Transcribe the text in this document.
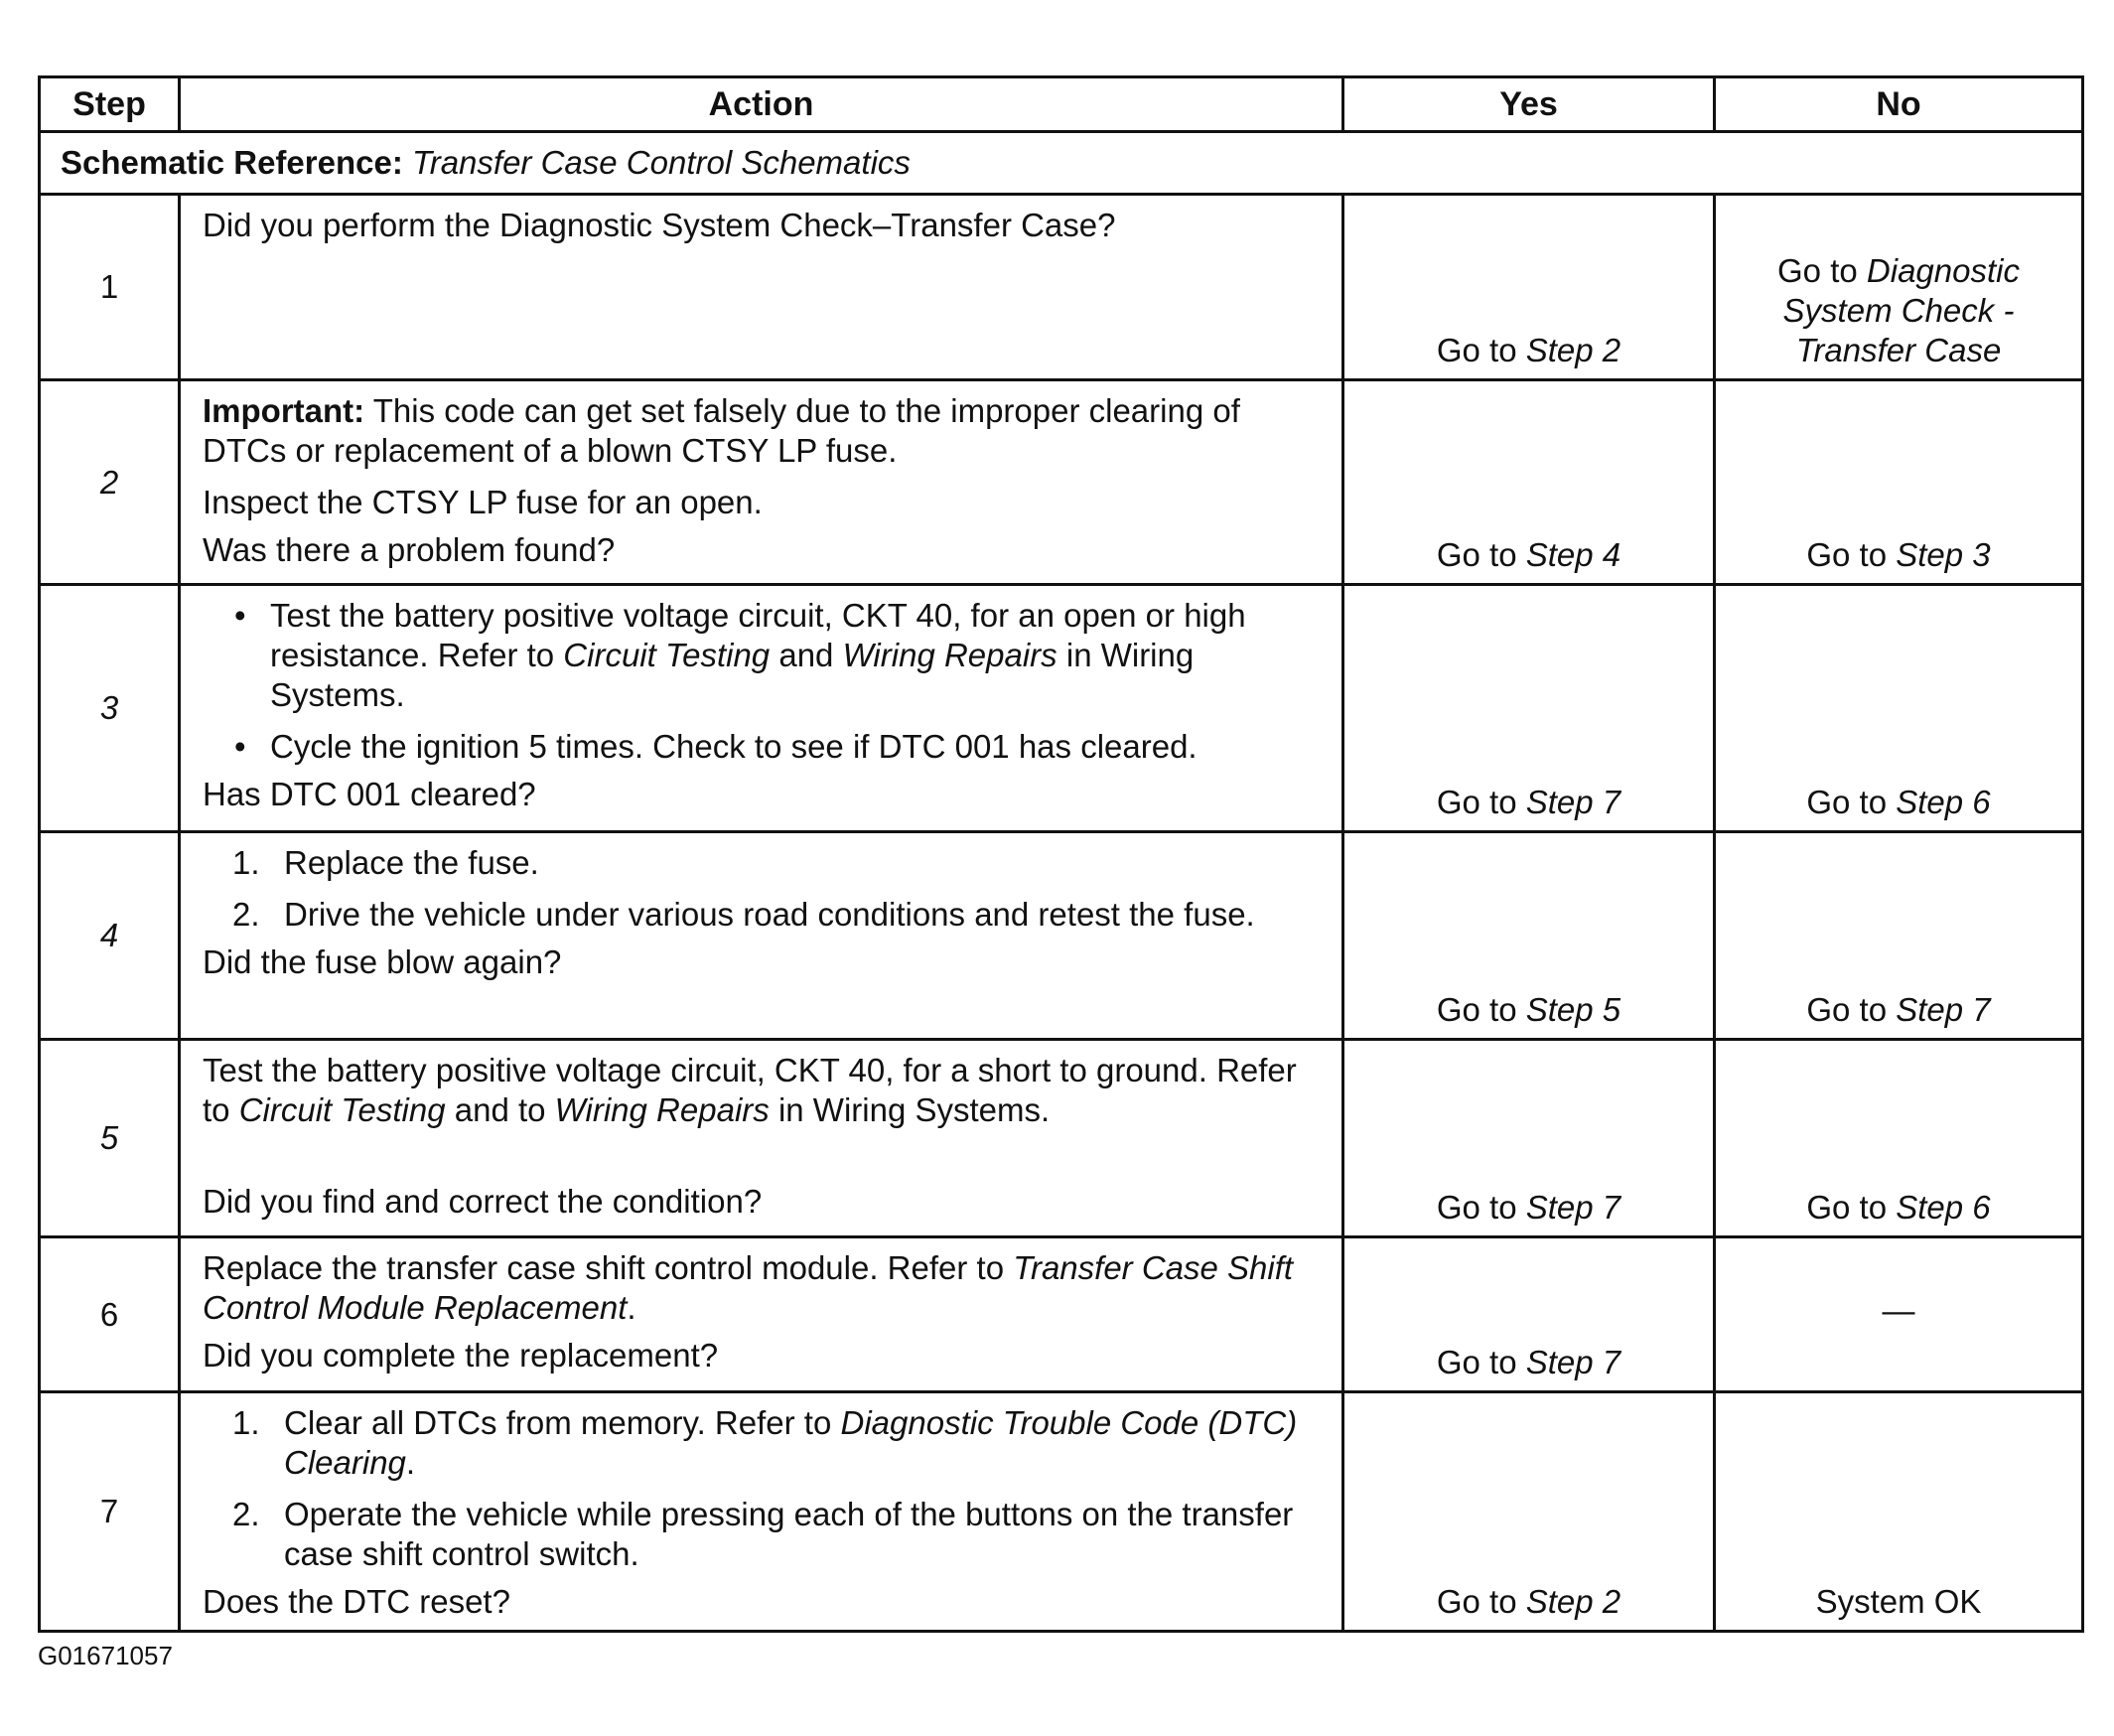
Step	Action	Yes	No
Schematic Reference: Transfer Case Control Schematics			
1	Did you perform the Diagnostic System Check–Transfer Case?	Go to Step 2	Go to Diagnostic
System Check -
Transfer Case

2	Important: This code can get set falsely due to the improper clearing of DTCs or replacement of a blown CTSY LP fuse.

Inspect the CTSY LP fuse for an open.

Was there a problem found?	Go to Step 4	Go to Step 3
3	• Test the battery positive voltage circuit, CKT 40, for an open or high resistance. Refer to Circuit Testing and Wiring Repairs in Wiring Systems.

• Cycle the ignition 5 times. Check to see if DTC 001 has cleared.

Has DTC 001 cleared?	Go to Step 7	Go to Step 6
4	1. Replace the fuse.

2. Drive the vehicle under various road conditions and retest the fuse.

Did the fuse blow again?	Go to Step 5	Go to Step 7
5	Test the battery positive voltage circuit, CKT 40, for a short to ground. Refer to Circuit Testing and to Wiring Repairs in Wiring Systems.

Did you find and correct the condition?	Go to Step 7	Go to Step 6
6	Replace the transfer case shift control module. Refer to Transfer Case Shift Control Module Replacement.

Did you complete the replacement?	Go to Step 7	—
7	1. Clear all DTCs from memory. Refer to Diagnostic Trouble Code (DTC) Clearing.

2. Operate the vehicle while pressing each of the buttons on the transfer case shift control switch.

Does the DTC reset?	Go to Step 2	System OK
G01671057
